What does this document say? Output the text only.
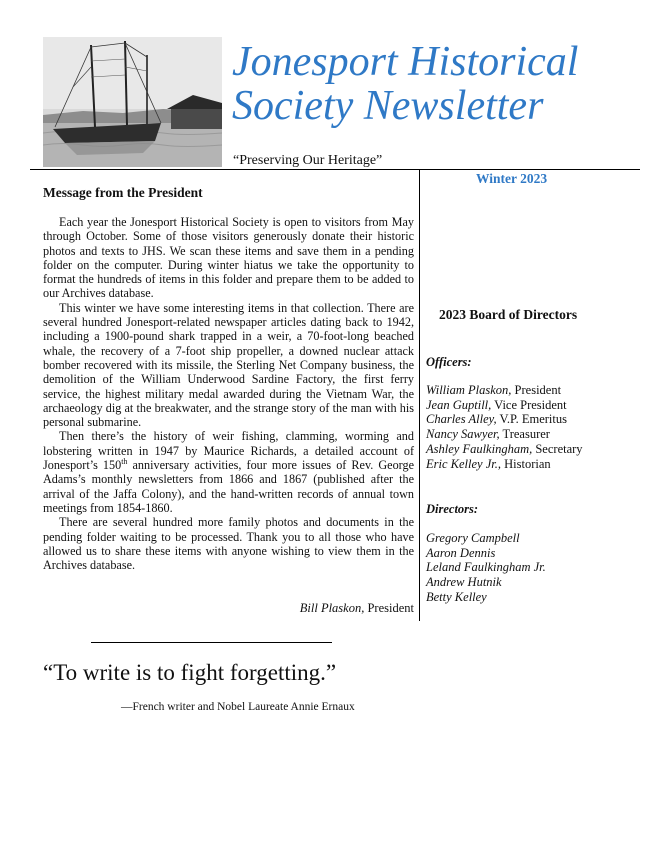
Jonesport Historical
Society Newsletter
“Preserving Our Heritage”
Message from the President

Each year the Jonesport Historical Society is open to visitors from May through October. Some of those visitors generously donate their historic photos and texts to JHS. We scan these items and save them in a pending folder on the computer. During winter hiatus we take the opportunity to format the hundreds of items in this folder and prepare them to be added to our Archives database.

This winter we have some interesting items in that collection. There are several hundred Jonesport-related newspaper articles dating back to 1942, including a 1900-pound shark trapped in a weir, a 70-foot-long beached whale, the recovery of a 7-foot ship propeller, a downed nuclear attack bomber recovered with its missile, the Sterling Net Company business, the demolition of the William Underwood Sardine Factory, the first ferry service, the highest military medal awarded during the Vietnam War, the archaeology dig at the breakwater, and the strange story of the man with his personal submarine.

Then there’s the history of weir fishing, clamming, worming and lobstering written in 1947 by Maurice Richards, a detailed account of Jonesport’s 150th anniversary activities, four more issues of Rev. George Adams’s monthly newsletters from 1866 and 1867 (published after the arrival of the Jaffa Colony), and the hand-written records of annual town meetings from 1854-1860.

There are several hundred more family photos and documents in the pending folder waiting to be processed. Thank you to all those who have allowed us to share these items with anyone wishing to view them in the Archives database.

Bill Plaskon, President
“To write is to fight forgetting.”
—French writer and Nobel Laureate Annie Ernaux
Winter 2023
2023 Board of Directors
Officers:
William Plaskon, President
Jean Guptill, Vice President
Charles Alley, V.P. Emeritus
Nancy Sawyer, Treasurer
Ashley Faulkingham, Secretary
Eric Kelley Jr., Historian
Directors:
Gregory Campbell
Aaron Dennis
Leland Faulkingham Jr.
Andrew Hutnik
Betty Kelley
